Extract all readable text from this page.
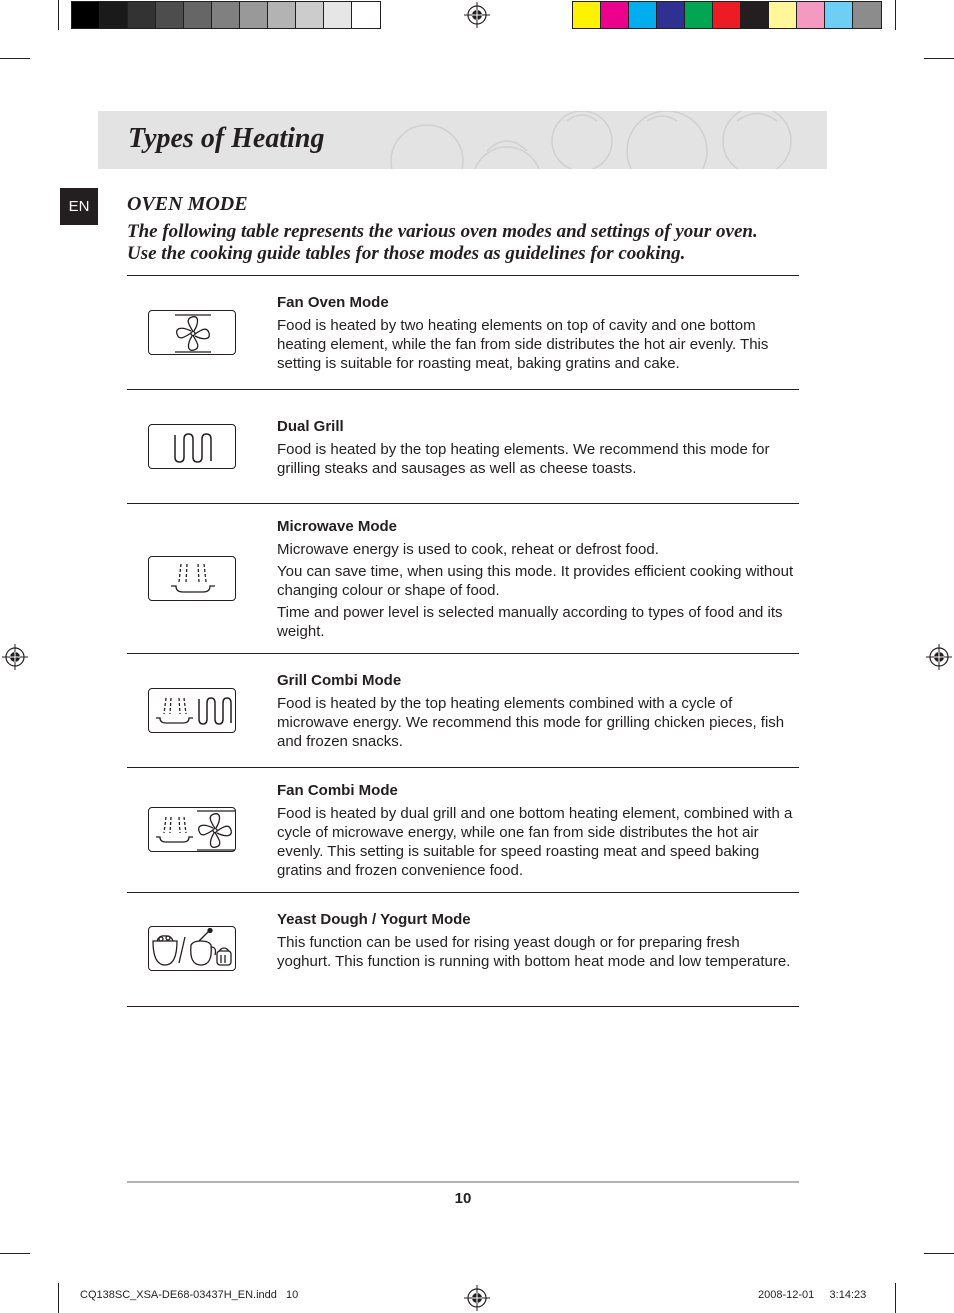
Types of Heating
EN	OVEN MODE

The following table represents the various oven modes and settings of your oven.
Use the cooking guide tables for those modes as guidelines for cooking.

Fan Oven Mode

Food is heated by two heating elements on top of cavity and one bottom heating element, while the fan from side distributes the hot air evenly. This setting is suitable for roasting meat, baking gratins and cake.

Dual Grill

Food is heated by the top heating elements. We recommend this mode for grilling steaks and sausages as well as cheese toasts.

Microwave Mode

Microwave energy is used to cook, reheat or defrost food.

You can save time, when using this mode. It provides efficient cooking without changing colour or shape of food.

Time and power level is selected manually according to types of food and its weight.

Grill Combi Mode

Food is heated by the top heating elements combined with a cycle of microwave energy. We recommend this mode for grilling chicken pieces, fish and frozen snacks.

Fan Combi Mode

Food is heated by dual grill and one bottom heating element, combined with a cycle of microwave energy, while one fan from side distributes the hot air evenly. This setting is suitable for speed roasting meat and speed baking gratins and frozen convenience food.

Yeast Dough / Yogurt Mode

This function can be used for rising yeast dough or for preparing fresh yoghurt. This function is running with bottom heat mode and low temperature.

10
CQ138SC_XSA-DE68-03437H_EN.indd   10	2008-12-01     3:14:23
